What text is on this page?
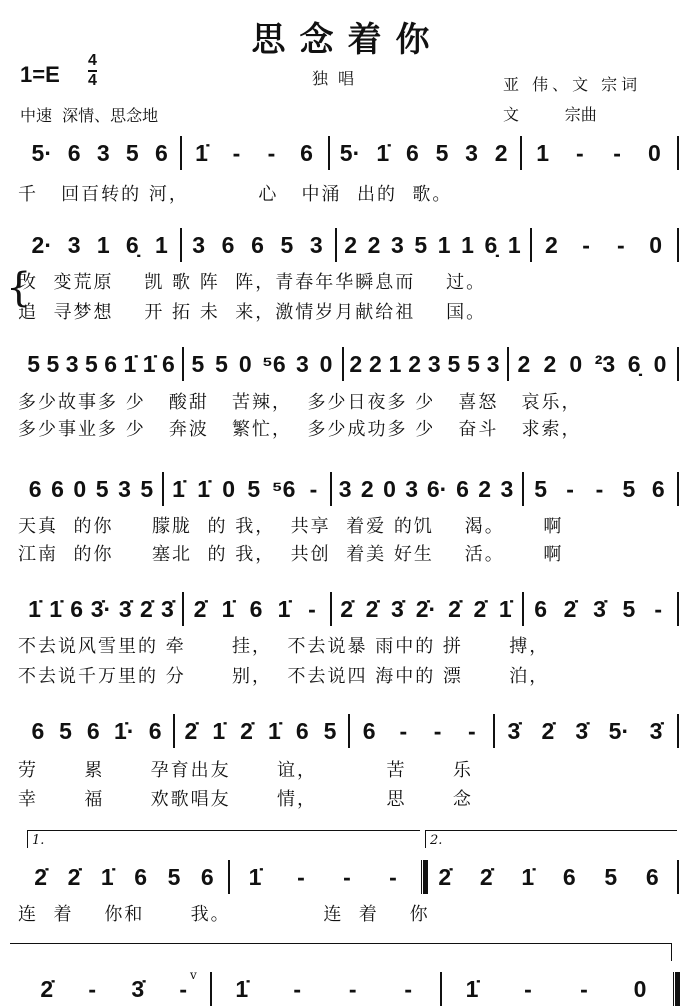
思念着你
$1=E \frac{4}{4}$	独唱
中速  深情、思念地
亚 伟、文 宗词
文         宗曲
5· 6 3 5 6 1̇ - - 6 5· 1̇ 6 5 3 2 1 - - 0
千   回百转的 河，         心   中涌  出的  歌。
2· 3 1 6̣ 1 3 6 6 5 3 2 2 3 5 1 1 6̣ 1 2 - - 0
改  变荒原    凯 歌 阵  阵，青春年华瞬息而    过。
追  寻梦想    开 拓 未  来，激情岁月献给祖    国。
5 5 3 5 6 1̇ 1̇ 6 5 5 0 ⁵6 3 0 2 2 1 2 3 5 5 3 2 2 0 ²3 6̣ 0
多少故事多 少   酸甜   苦辣，  多少日夜多 少   喜怒   哀乐，
多少事业多 少   奔波   繁忙，  多少成功多 少   奋斗   求索，
6 6 0 5 3 5 1̇ 1̇ 0 5 ⁵6 - 3 2 0 3 6· 6 2 3 5 - - 5 6
天真  的你     朦胧  的 我，  共享  着爱 的饥    渴。     啊
江南  的你     塞北  的 我，  共创  着美 好生    活。     啊
1̇ 1̇ 6 3̇· 3̇ 2̇ 3̇ 2̇ 1̇ 6 1̇ - 2̇ 2̇ 3̇ 2̇· 2̇ 2̇ 1̇ 6 2̇ 3̇ 5 -
不去说风雪里的 牵      挂，  不去说暴 雨中的 拼      搏，
不去说千万里的 分      别，  不去说四 海中的 漂      泊，
6 5 6 1̇· 6 2̇ 1̇ 2̇ 1̇ 6 5 6 - - - 3̇ 2̇ 3̇ 5· 3̇
劳      累      孕育出友      谊，         苦      乐
幸      福      欢歌唱友      情，         思      念
2̇ 2̇ 1̇ 6 5 6 1̇ - - - 2̇ 2̇ 1̇ 6 5 6
连  着    你和      我。            连  着    你
2̇ - 3̇ - 1̇ - - - 1̇ - - 0
{
1.	2.
v
